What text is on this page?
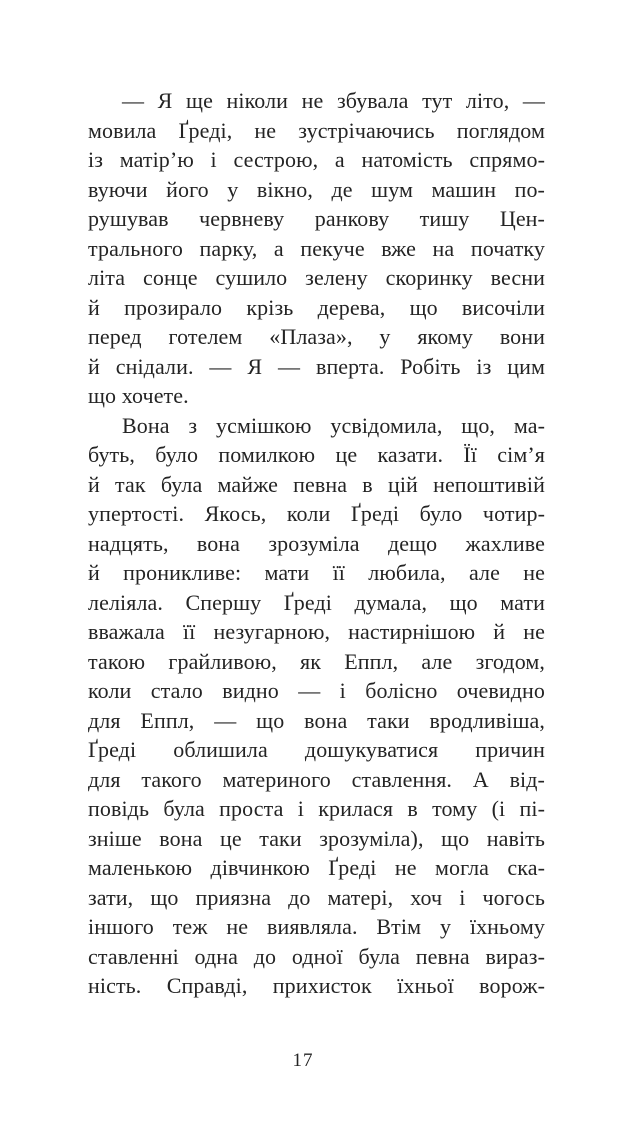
— Я ще ніколи не збувала тут літо, —
мовила Ґреді, не зустрічаючись поглядом
із матір’ю і сестрою, а натомість спрямо-
вуючи його у вікно, де шум машин по-
рушував червневу ранкову тишу Цен-
трального парку, а пекуче вже на початку
літа сонце сушило зелену скоринку весни
й прозирало крізь дерева, що височіли
перед готелем «Плаза», у якому вони
й снідали. — Я — вперта. Робіть із цим
що хочете.
Вона з усмішкою усвідомила, що, ма-
буть, було помилкою це казати. Її сім’я
й так була майже певна в цій непоштивій
упертості. Якось, коли Ґреді було чотир-
надцять, вона зрозуміла дещо жахливе
й проникливе: мати її любила, але не
леліяла. Спершу Ґреді думала, що мати
вважала її незугарною, настирнішою й не
такою грайливою, як Еппл, але згодом,
коли стало видно — і болісно очевидно
для Еппл, — що вона таки вродливіша,
Ґреді облишила дошукуватися причин
для такого материного ставлення. А від-
повідь була проста і крилася в тому (і пі-
зніше вона це таки зрозуміла), що навіть
маленькою дівчинкою Ґреді не могла ска-
зати, що приязна до матері, хоч і чогось
іншого теж не виявляла. Втім у їхньому
ставленні одна до одної була певна вираз-
ність. Справді, прихисток їхньої ворож-
17
